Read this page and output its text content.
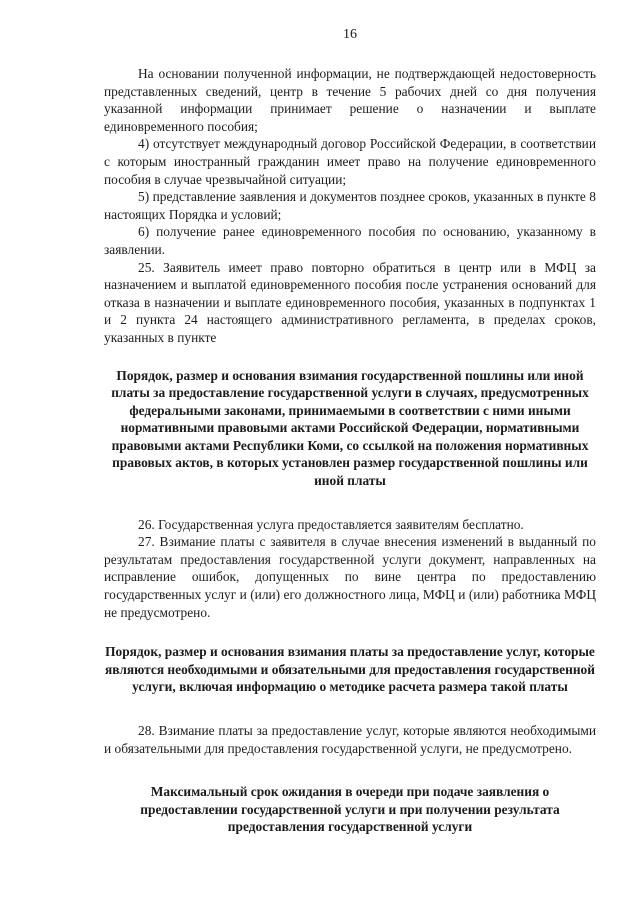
16

На основании полученной информации, не подтверждающей недостоверность представленных сведений, центр в течение 5 рабочих дней со дня получения указанной информации принимает решение о назначении и выплате единовременного пособия;

4) отсутствует международный договор Российской Федерации, в соответствии с которым иностранный гражданин имеет право на получение единовременного пособия в случае чрезвычайной ситуации;

5) представление заявления и документов позднее сроков, указанных в пункте 8 настоящих Порядка и условий;

6) получение ранее единовременного пособия по основанию, указанному в заявлении.

25. Заявитель имеет право повторно обратиться в центр или в МФЦ за назначением и выплатой единовременного пособия после устранения оснований для отказа в назначении и выплате единовременного пособия, указанных в подпунктах 1 и 2 пункта 24 настоящего административного регламента, в пределах сроков, указанных в пункте

Порядок, размер и основания взимания государственной пошлины или иной платы за предоставление государственной услуги в случаях, предусмотренных федеральными законами, принимаемыми в соответствии с ними иными нормативными правовыми актами Российской Федерации, нормативными правовыми актами Республики Коми, со ссылкой на положения нормативных правовых актов, в которых установлен размер государственной пошлины или иной платы

26. Государственная услуга предоставляется заявителям бесплатно.

27. Взимание платы с заявителя в случае внесения изменений в выданный по результатам предоставления государственной услуги документ, направленных на исправление ошибок, допущенных по вине центра по предоставлению государственных услуг и (или) его должностного лица, МФЦ и (или) работника МФЦ не предусмотрено.

Порядок, размер и основания взимания платы за предоставление услуг, которые являются необходимыми и обязательными для предоставления государственной услуги, включая информацию о методике расчета размера такой платы

28. Взимание платы за предоставление услуг, которые являются необходимыми и обязательными для предоставления государственной услуги, не предусмотрено.

Максимальный срок ожидания в очереди при подаче заявления о предоставлении государственной услуги и при получении результата предоставления государственной услуги
